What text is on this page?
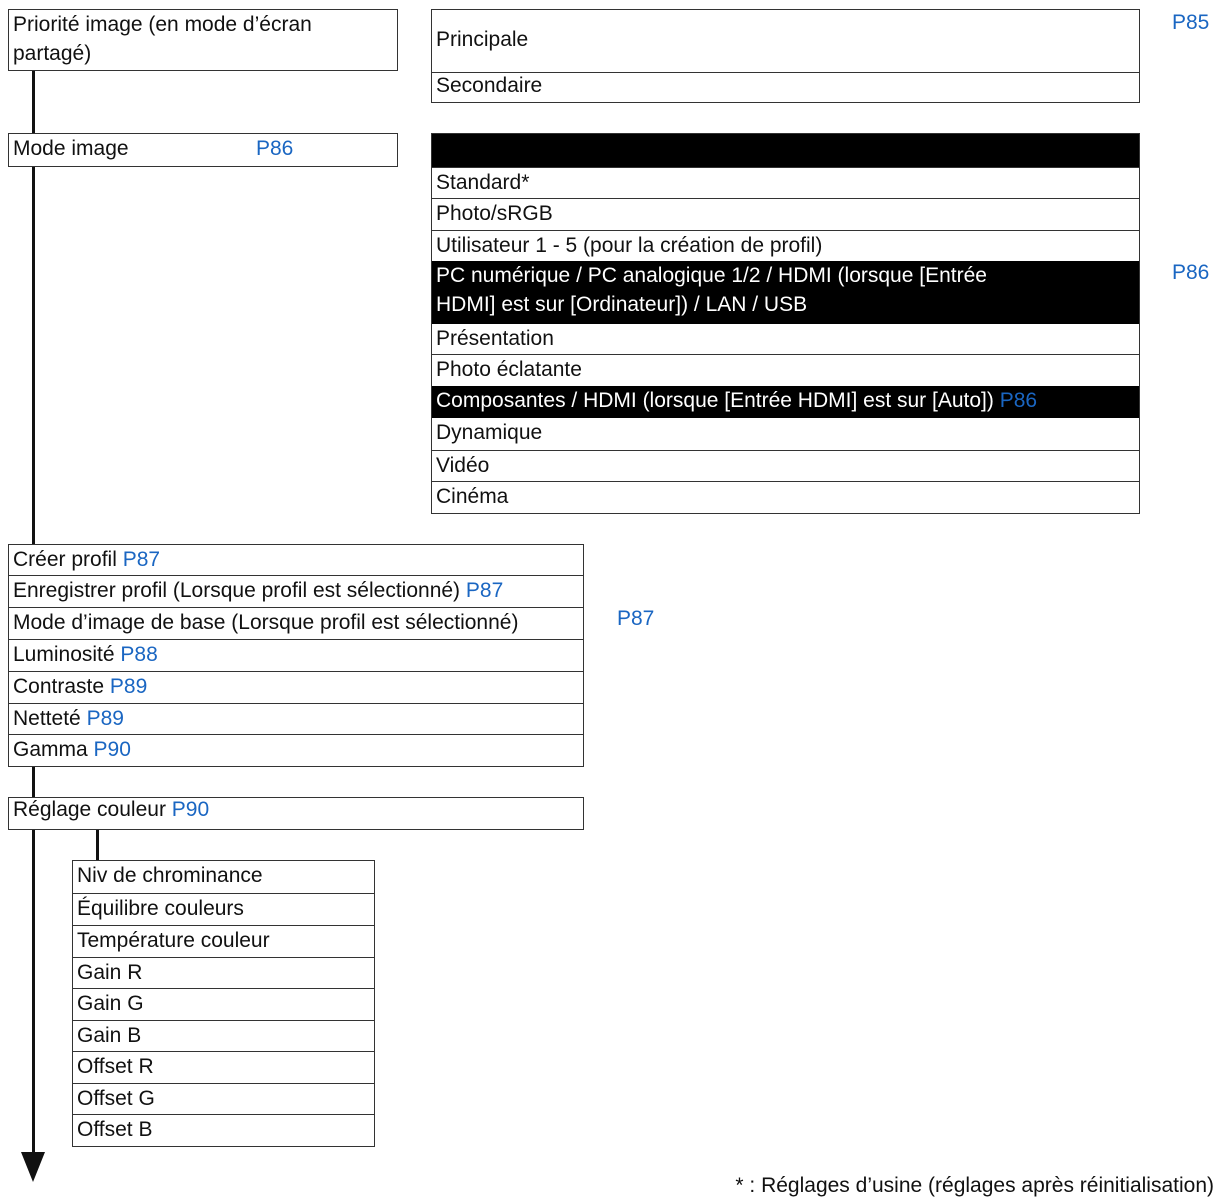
Priorité image (en mode d’écran
partagé)
Principale
Secondaire
P85
Mode image	P86
Standard*
Photo/sRGB
Utilisateur 1 - 5 (pour la création de profil)
PC numérique / PC analogique 1/2 / HDMI (lorsque [Entrée
HDMI] est sur [Ordinateur]) / LAN / USB
Présentation
Photo éclatante
Composantes / HDMI (lorsque [Entrée HDMI] est sur [Auto]) P86
Dynamique
Vidéo
Cinéma
P86
Créer profil P87
Enregistrer profil (Lorsque profil est sélectionné) P87
Mode d’image de base (Lorsque profil est sélectionné)
Luminosité P88
Contraste P89
Netteté P89
Gamma P90
P87
Réglage couleur P90
Niv de chrominance
Équilibre couleurs
Température couleur
Gain R
Gain G
Gain B
Offset R
Offset G
Offset B
* : Réglages d’usine (réglages après réinitialisation)
